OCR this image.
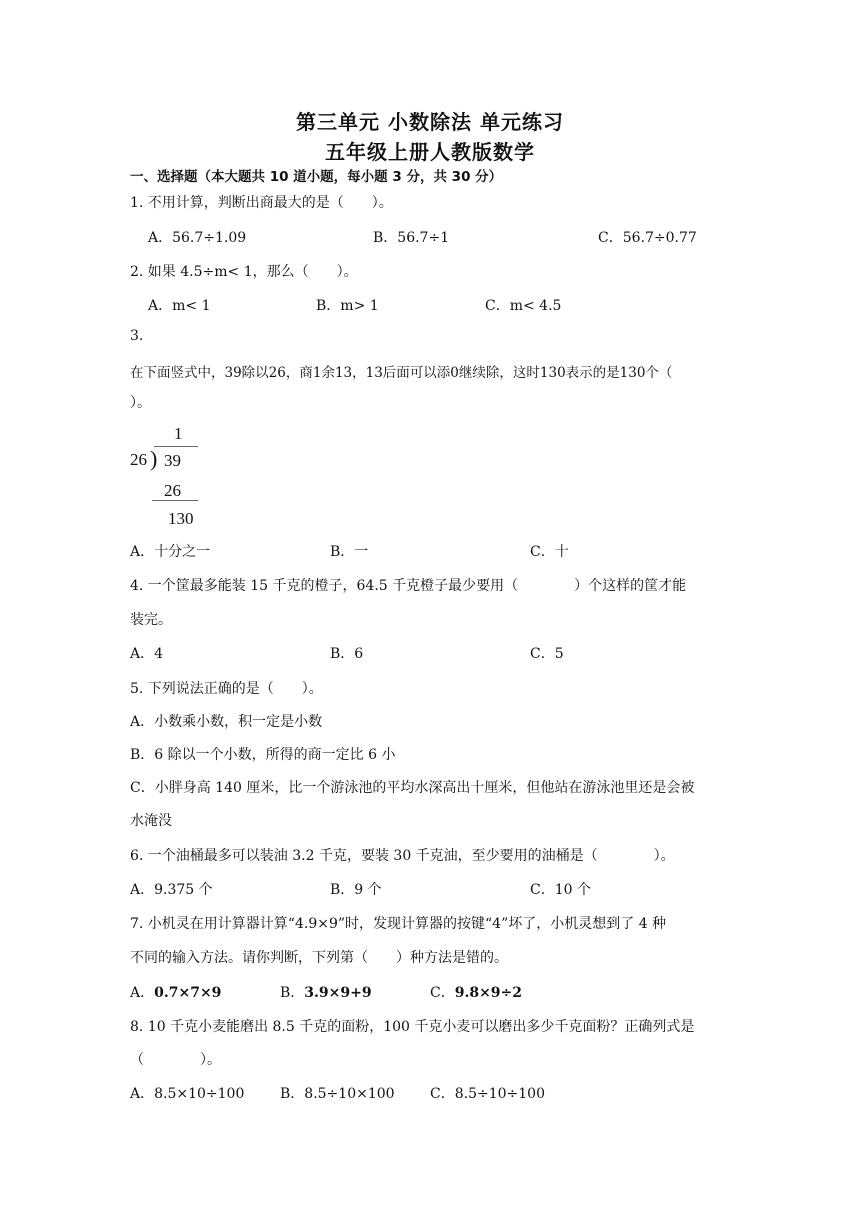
第三单元 小数除法 单元练习
五年级上册人教版数学
一、选择题（本大题共 10 道小题，每小题 3 分，共 30 分）
1. 不用计算，判断出商最大的是（　　）。
A．56.7÷1.09	B．56.7÷1	C．56.7÷0.77
2. 如果 4.5÷m< 1，那么（　　）。
A．m< 1	B．m> 1	C．m< 4.5
3.
在下面竖式中，39除以26，商1余13，13后面可以添0继续除，这时130表示的是130个（
）。
1
26 ) 39
26
130
A．十分之一	B．一	C．十
4. 一个筐最多能装 15 千克的橙子，64.5 千克橙子最少要用（　　　　）个这样的筐才能
装完。
A．4	B．6	C．5
5. 下列说法正确的是（　　）。
A．小数乘小数，积一定是小数
B．6 除以一个小数，所得的商一定比 6 小
C．小胖身高 140 厘米，比一个游泳池的平均水深高出十厘米，但他站在游泳池里还是会被
水淹没
6. 一个油桶最多可以装油 3.2 千克，要装 30 千克油，至少要用的油桶是（　　　　）。
A．9.375 个	B．9 个	C．10 个
7. 小机灵在用计算器计算“4.9×9”时，发现计算器的按键“4”坏了，小机灵想到了 4 种
不同的输入方法。请你判断，下列第（　　）种方法是错的。
A．0.7×7×9	B．3.9×9+9	C．9.8×9÷2
8. 10 千克小麦能磨出 8.5 千克的面粉，100 千克小麦可以磨出多少千克面粉？正确列式是
（　　　　）。
A．8.5×10÷100	B．8.5÷10×100	C．8.5÷10÷100
